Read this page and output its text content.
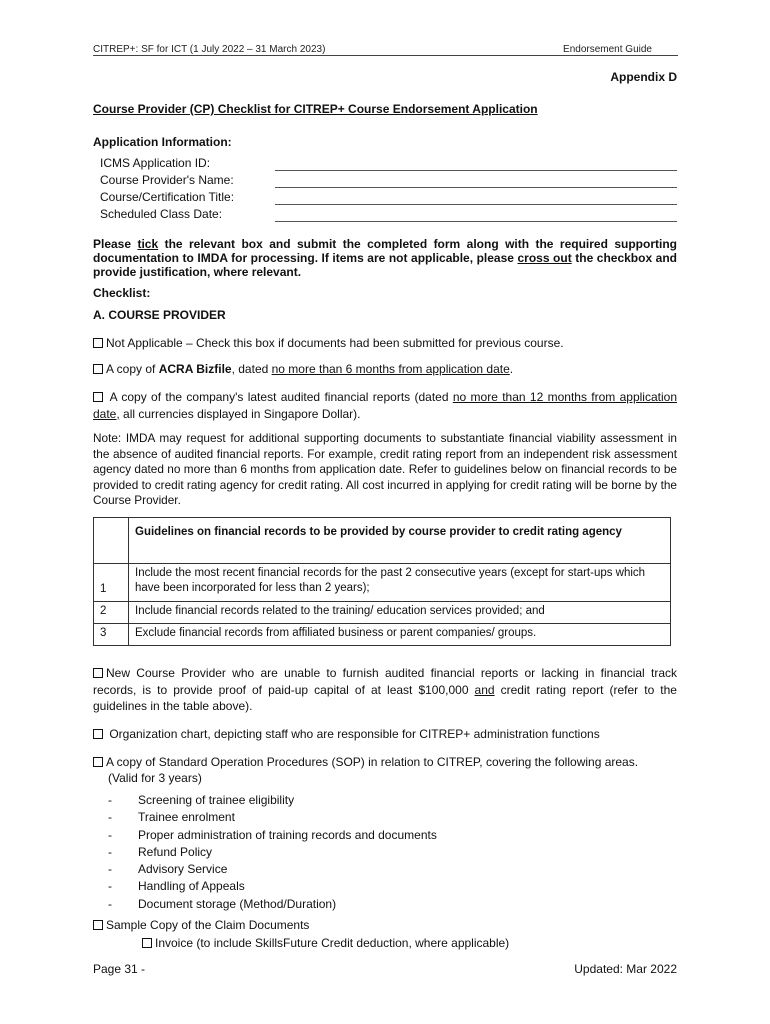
CITREP+: SF for ICT (1 July 2022 – 31 March 2023)	Endorsement Guide
Appendix D
Course Provider (CP) Checklist for CITREP+ Course Endorsement Application
Application Information:
ICMS Application ID:
Course Provider's Name:
Course/Certification Title:
Scheduled Class Date:
Please tick the relevant box and submit the completed form along with the required supporting documentation to IMDA for processing. If items are not applicable, please cross out the checkbox and provide justification, where relevant.
Checklist:
A. COURSE PROVIDER
Not Applicable – Check this box if documents had been submitted for previous course.
A copy of ACRA Bizfile, dated no more than 6 months from application date.
A copy of the company's latest audited financial reports (dated no more than 12 months from application date, all currencies displayed in Singapore Dollar).
Note: IMDA may request for additional supporting documents to substantiate financial viability assessment in the absence of audited financial reports. For example, credit rating report from an independent risk assessment agency dated no more than 6 months from application date. Refer to guidelines below on financial records to be provided to credit rating agency for credit rating. All cost incurred in applying for credit rating will be borne by the Course Provider.
	Guidelines on financial records to be provided by course provider to credit rating agency
1	Include the most recent financial records for the past 2 consecutive years (except for start-ups which have been incorporated for less than 2 years);
2	Include financial records related to the training/ education services provided; and
3	Exclude financial records from affiliated business or parent companies/ groups.
New Course Provider who are unable to furnish audited financial reports or lacking in financial track records, is to provide proof of paid-up capital of at least $100,000 and credit rating report (refer to the guidelines in the table above).
Organization chart, depicting staff who are responsible for CITREP+ administration functions
A copy of Standard Operation Procedures (SOP) in relation to CITREP, covering the following areas.
(Valid for 3 years)
- Screening of trainee eligibility
- Trainee enrolment
- Proper administration of training records and documents
- Refund Policy
- Advisory Service
- Handling of Appeals
- Document storage (Method/Duration)
Sample Copy of the Claim Documents
Invoice (to include SkillsFuture Credit deduction, where applicable)
Page 31 -	Updated: Mar 2022
